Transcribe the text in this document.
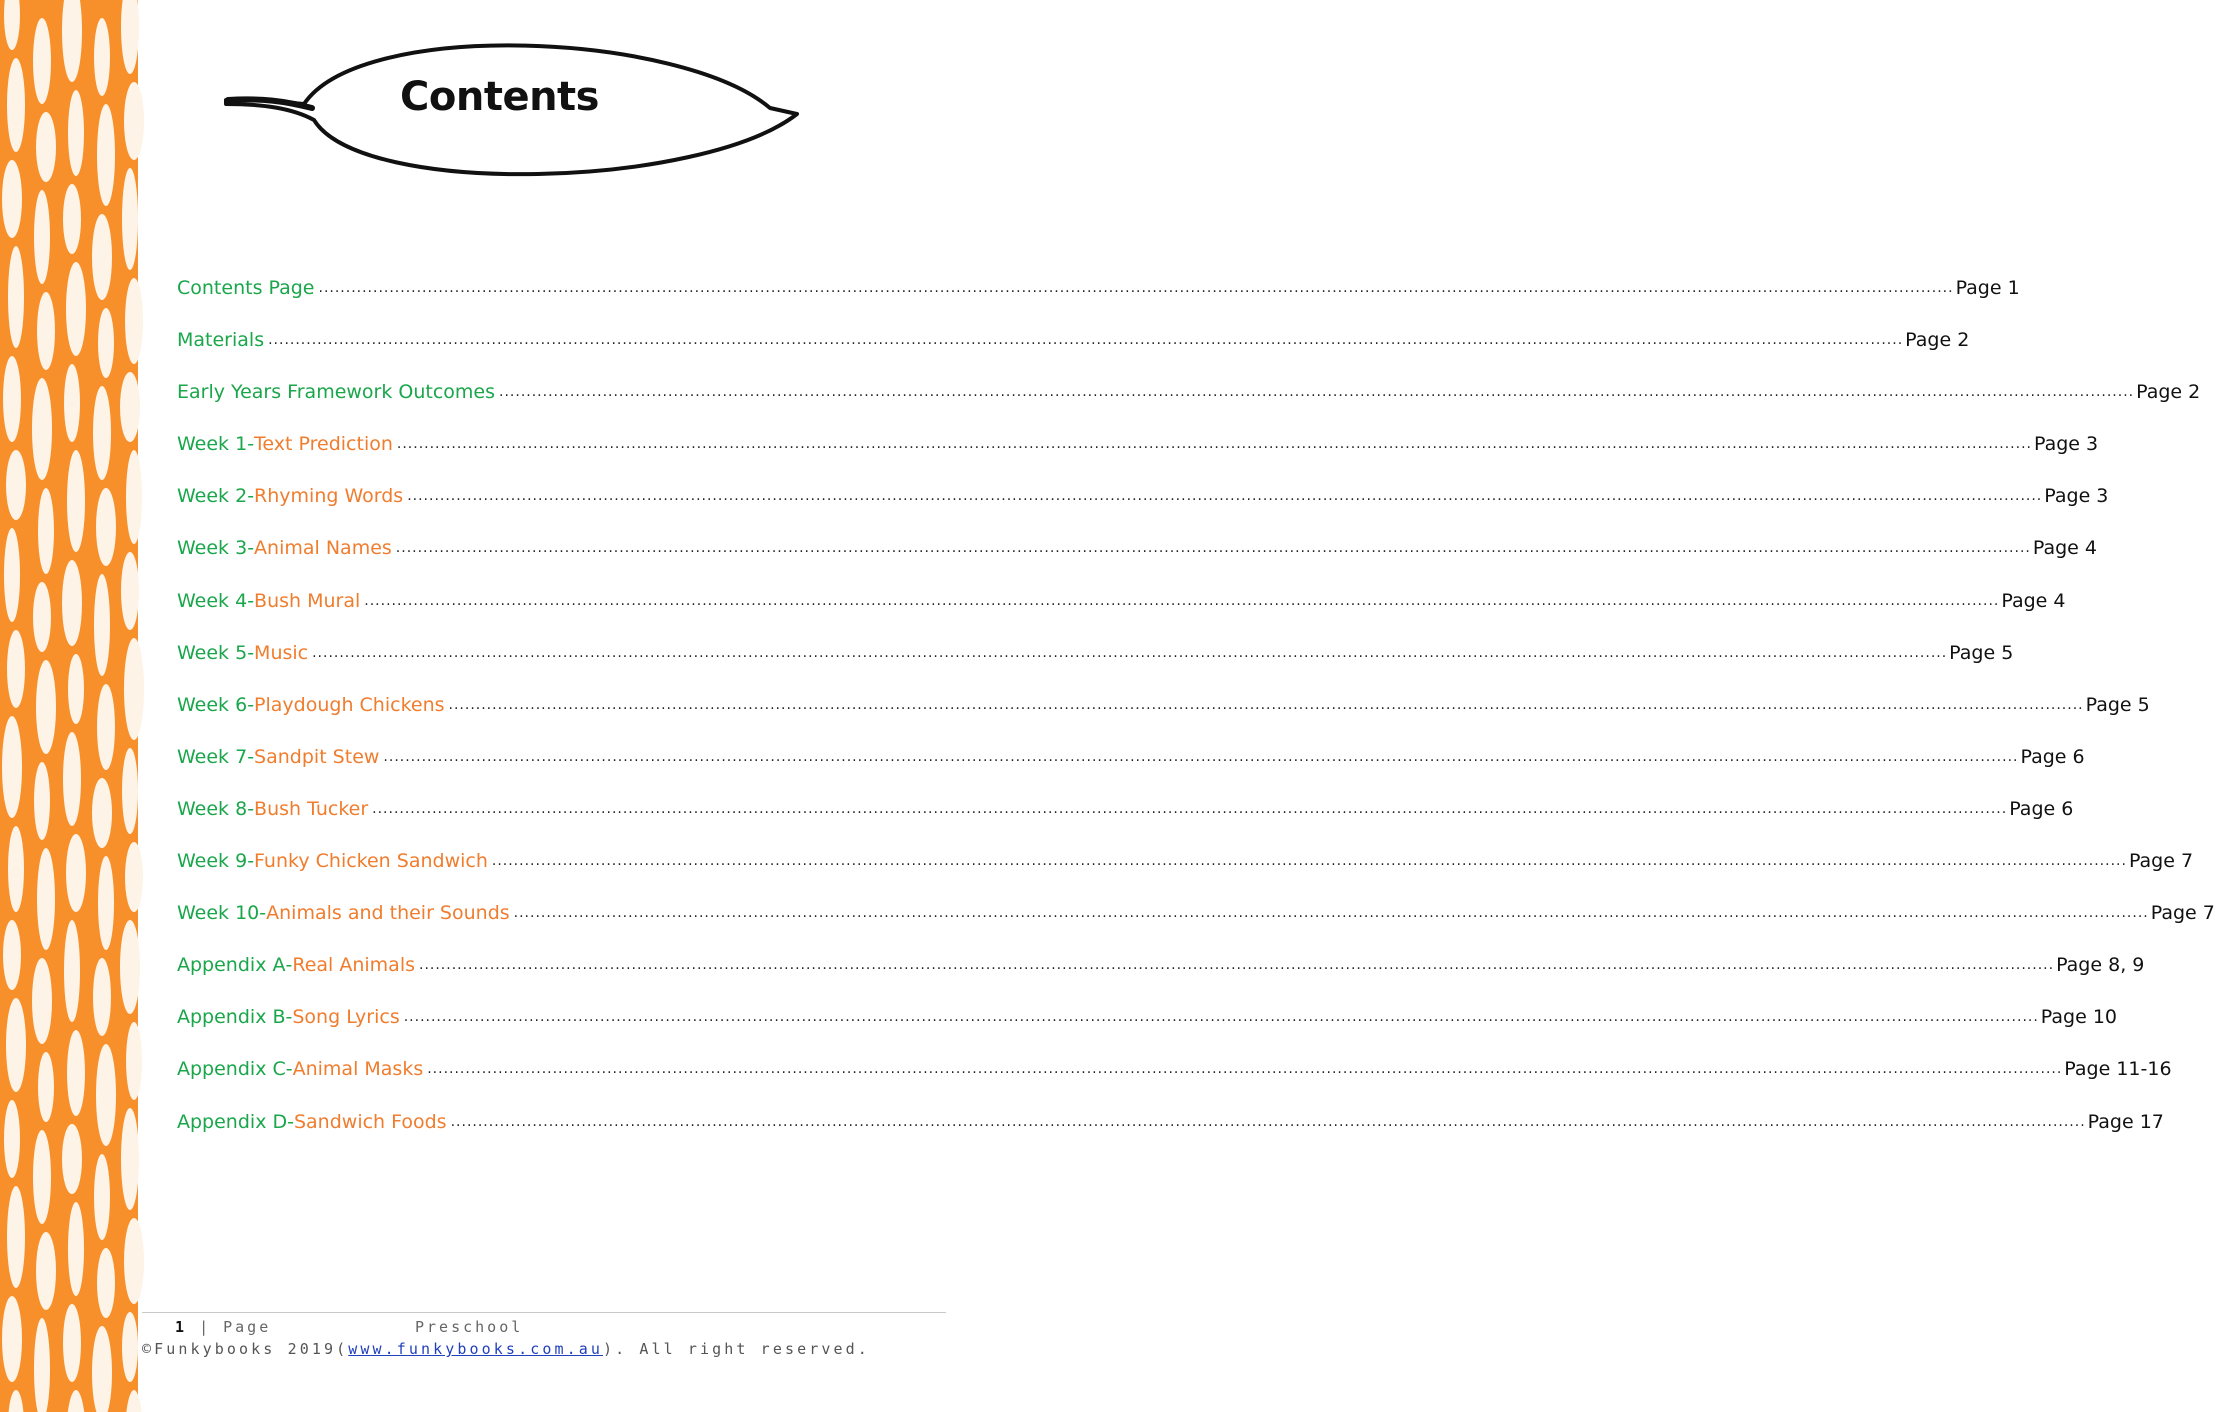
Contents
Contents Page ............................................................................................................................................................................................................................................................................................................ Page 1
Materials ............................................................................................................................................................................................................................................................................................................ Page 2
Early Years Framework Outcomes ............................................................................................................................................................................................................................................................................................................ Page 2
Week 1 - Text Prediction ............................................................................................................................................................................................................................................................................................................ Page 3
Week 2 - Rhyming Words ............................................................................................................................................................................................................................................................................................................ Page 3
Week 3 - Animal Names ............................................................................................................................................................................................................................................................................................................ Page 4
Week 4 - Bush Mural ............................................................................................................................................................................................................................................................................................................ Page 4
Week 5 - Music ............................................................................................................................................................................................................................................................................................................ Page 5
Week 6 - Playdough Chickens ............................................................................................................................................................................................................................................................................................................ Page 5
Week 7 - Sandpit Stew ............................................................................................................................................................................................................................................................................................................ Page 6
Week 8 - Bush Tucker ............................................................................................................................................................................................................................................................................................................ Page 6
Week 9 - Funky Chicken Sandwich ............................................................................................................................................................................................................................................................................................................ Page 7
Week 10 - Animals and their Sounds ............................................................................................................................................................................................................................................................................................................ Page 7
Appendix A - Real Animals ............................................................................................................................................................................................................................................................................................................ Page 8, 9
Appendix B - Song Lyrics ............................................................................................................................................................................................................................................................................................................ Page 10
Appendix C - Animal Masks ............................................................................................................................................................................................................................................................................................................ Page 11-16
Appendix D - Sandwich Foods ............................................................................................................................................................................................................................................................................................................ Page 17
1 | Page	Preschool
©Funkybooks 2019(www.funkybooks.com.au). All right reserved.
